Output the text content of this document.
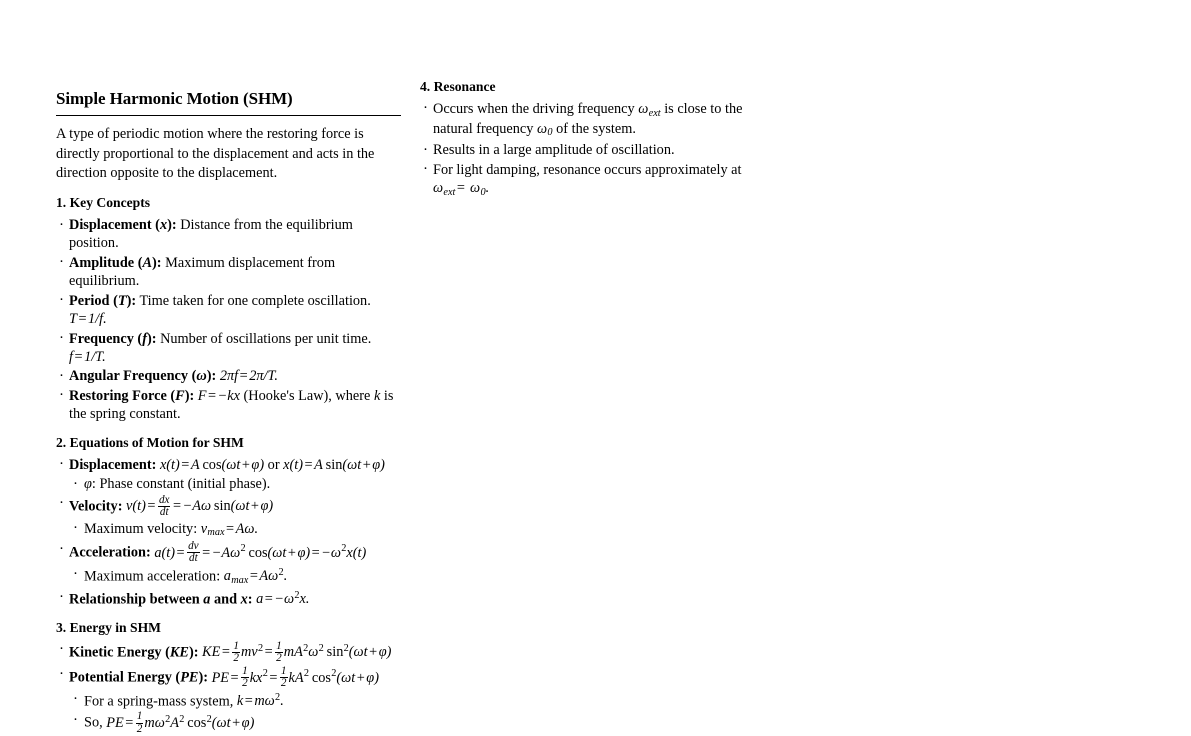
Simple Harmonic Motion (SHM)

A type of periodic motion where the restoring force is directly proportional to the displacement and acts in the direction opposite to the displacement.

1. Key Concepts
· Displacement (x): Distance from the equilibrium position.
· Amplitude (A): Maximum displacement from equilibrium.
· Period (T): Time taken for one complete oscillation. T = 1/f.
· Frequency (f): Number of oscillations per unit time. f = 1/T.
· Angular Frequency (ω): 2πf = 2π/T.
· Restoring Force (F): F = −kx (Hooke's Law), where k is the spring constant.
2. Equations of Motion for SHM
· Displacement: x(t) = A cos(ωt + φ) or x(t) = A sin(ωt + φ)
· φ: Phase constant (initial phase).
· Velocity: $v(t) = \frac{dx}{dt} = -A\omega$ sin(ωt + φ)
· Maximum velocity: $v_{max} = A\omega$.
· Acceleration: $a(t) = \frac{dv}{dt} = -A\omega^2$ $\cos(\omega t + \varphi) = -\omega^2x(t)$
· Maximum acceleration: $a_{max} = A\omega^2$.
· Relationship between a and x: $a = -\omega^2x$.
3. Energy in SHM
· Kinetic Energy (KE): KE = $\frac{1}{2} mv^2 = \frac{1}{2} mA^2\omega^2$ $\sin^2(\omega t + \varphi)$
· Potential Energy (PE): PE = $\frac{1}{2} kx^2 = \frac{1}{2} kA^2$ $\cos^2(\omega t + \varphi)$
· For a spring-mass system, $k = m\omega^2$.
· So, PE = $\frac{1}{2} m\omega^2A^2$ $\cos^2(\omega t + \varphi)$
4. Resonance
· Occurs when the driving frequency $\omega_{ext}$ is close to the natural frequency $\omega_0$ of the system.
· Results in a large amplitude of oscillation.
· For light damping, resonance occurs approximately at $\omega_{ext} = \omega_0$.
